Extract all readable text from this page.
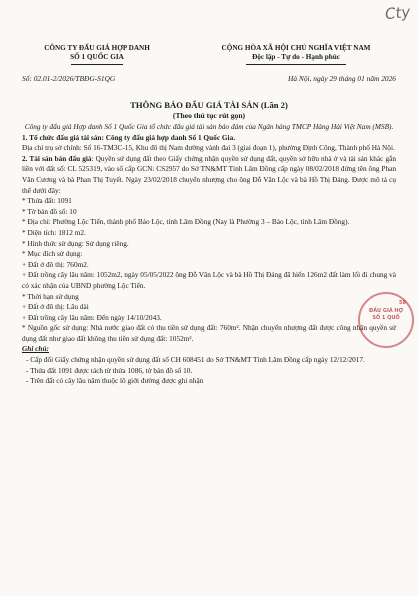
Cty
CÔNG TY ĐẤU GIÁ HỢP DANH
SỐ 1 QUỐC GIA
CỘNG HÒA XÃ HỘI CHỦ NGHĨA VIỆT NAM
Độc lập - Tự do - Hạnh phúc
Số: 02.01-2/2026/TBĐG-S1QG	Hà Nội, ngày 29 tháng 01 năm 2026
THÔNG BÁO ĐẤU GIÁ TÀI SẢN (Lần 2)
(Theo thủ tục rút gọn)
Công ty đấu giá Hợp danh Số 1 Quốc Gia tổ chức đấu giá tài sản bảo đảm của Ngân hàng TMCP Hàng Hải Việt Nam (MSB).

1. Tổ chức đấu giá tài sản: Công ty đấu giá hợp danh Số 1 Quốc Gia.

Địa chỉ trụ sở chính: Số 16-TM3C-15, Khu đô thị Nam đường vành đai 3 (giai đoạn 1), phường Định Công, Thành phố Hà Nội.

2. Tài sản bán đấu giá: Quyền sử dụng đất theo Giấy chứng nhận quyền sử dụng đất, quyền sở hữu nhà ở và tài sản khác gắn liền với đất số: CL 525319, vào sổ cấp GCN: CS2957 do Sở TN&MT Tỉnh Lâm Đồng cấp ngày 08/02/2018 đứng tên ông Phan Văn Cương và bà Phan Thị Tuyết. Ngày 23/02/2018 chuyển nhượng cho ông Đỗ Văn Lộc và bà Hồ Thị Đáng. Được mô tả cụ thể dưới đây:

* Thửa đất: 1091

* Tờ bản đồ số: 10

* Địa chỉ: Phường Lộc Tiến, thành phố Bảo Lộc, tỉnh Lâm Đồng (Nay là Phường 3 – Bảo Lộc, tỉnh Lâm Đồng).

* Diện tích: 1812 m2.

* Hình thức sử dụng: Sử dụng riêng.

* Mục đích sử dụng:

+ Đất ở đô thị: 760m2.

+ Đất trồng cây lâu năm: 1052m2, ngày 05/05/2022 ông Đỗ Văn Lộc và bà Hồ Thị Đáng đã hiến 126m2 đất làm lối đi chung và có xác nhận của UBND phường Lộc Tiến.

* Thời hạn sử dụng

+ Đất ở đô thị: Lâu dài

+ Đất trồng cây lâu năm: Đến ngày 14/10/2043.

* Nguồn gốc sử dụng: Nhà nước giao đất có thu tiền sử dụng đất: 760m². Nhận chuyển nhượng đất được công nhận quyền sử dụng đất như giao đất không thu tiền sử dụng đất: 1052m².

Ghi chú:

- Cấp đổi Giấy chứng nhận quyền sử dụng đất số CH 608451 do Sở TN&MT Tỉnh Lâm Đồng cấp ngày 12/12/2017.

- Thửa đất 1091 được tách từ thửa 1086, tờ bản đồ số 10.

- Trên đất có cây lâu năm thuộc lô giới đường được ghi nhận

58
ĐẤU GIÁ HỢ
SỐ 1 QUỐ
